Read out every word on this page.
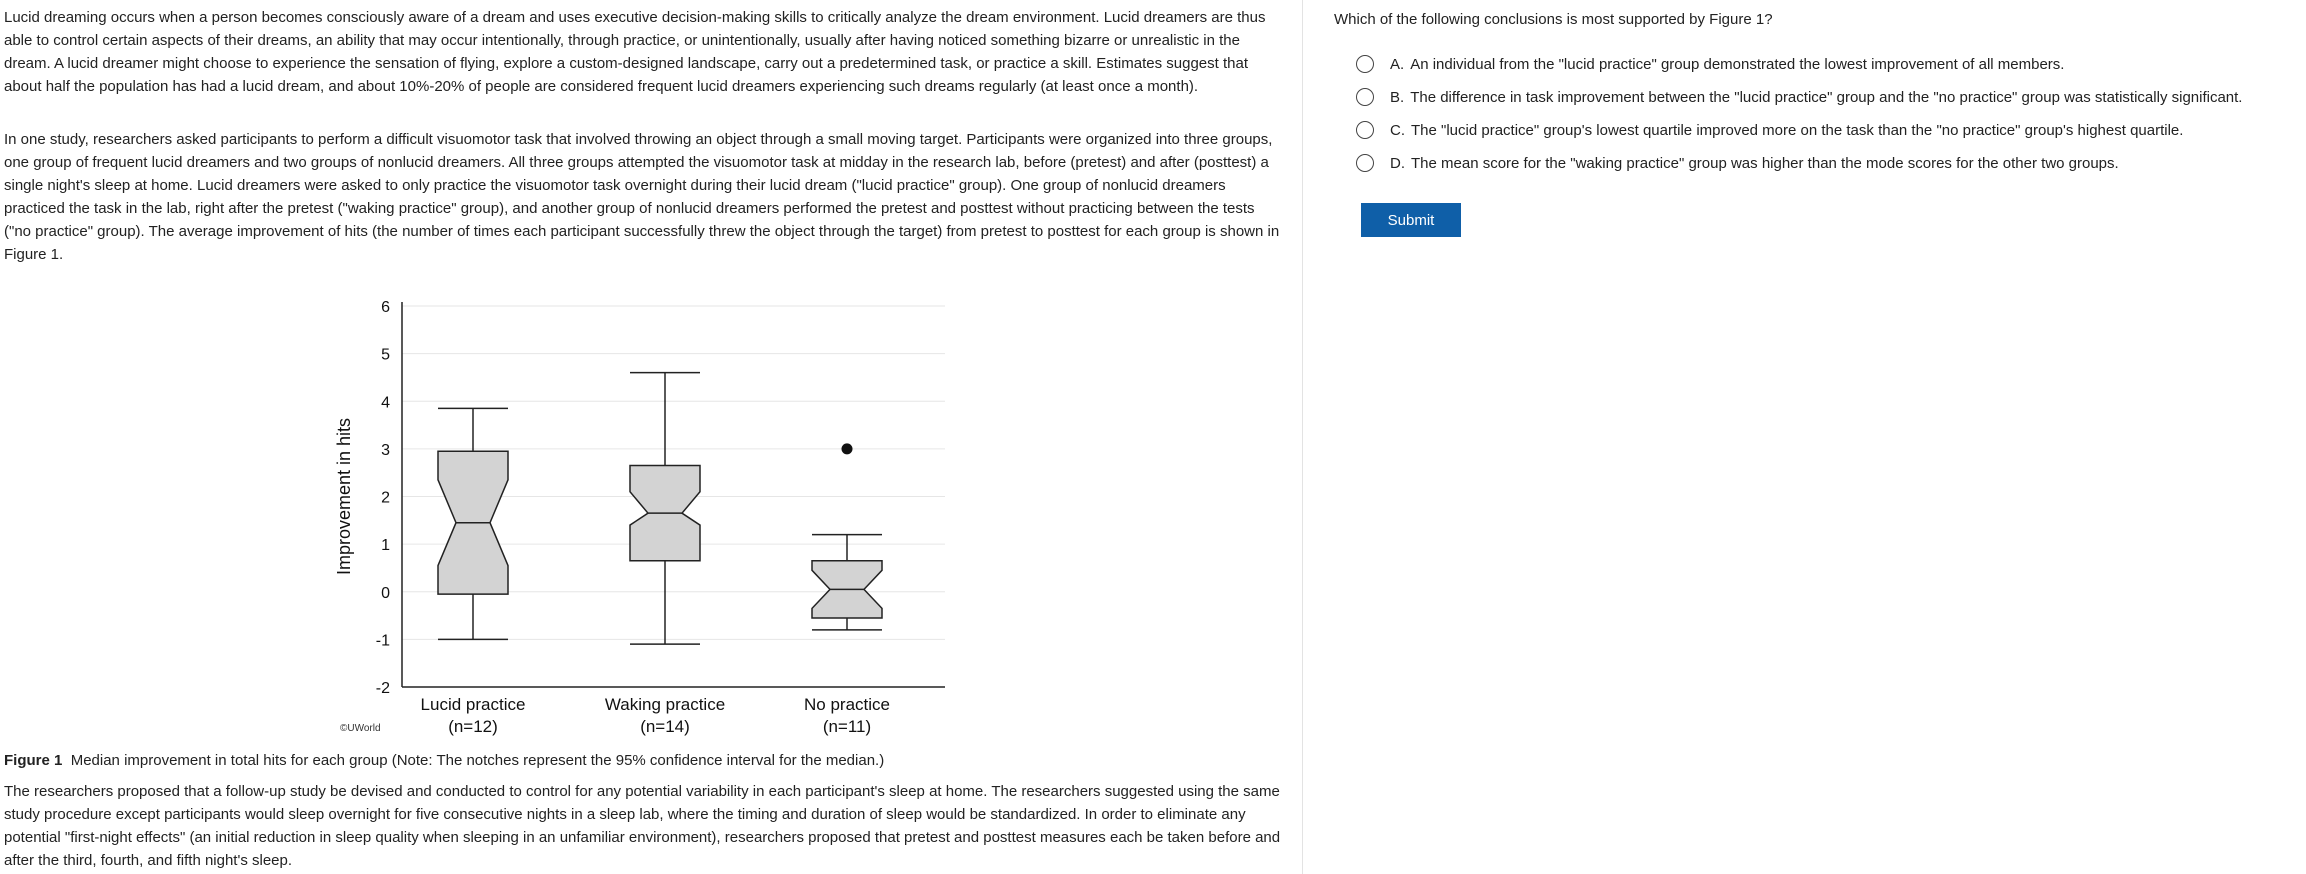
Lucid dreaming occurs when a person becomes consciously aware of a dream and uses executive decision-making skills to critically analyze the dream environment. Lucid dreamers are thus able to control certain aspects of their dreams, an ability that may occur intentionally, through practice, or unintentionally, usually after having noticed something bizarre or unrealistic in the dream. A lucid dreamer might choose to experience the sensation of flying, explore a custom-designed landscape, carry out a predetermined task, or practice a skill. Estimates suggest that about half the population has had a lucid dream, and about 10%-20% of people are considered frequent lucid dreamers experiencing such dreams regularly (at least once a month).

In one study, researchers asked participants to perform a difficult visuomotor task that involved throwing an object through a small moving target. Participants were organized into three groups, one group of frequent lucid dreamers and two groups of nonlucid dreamers. All three groups attempted the visuomotor task at midday in the research lab, before (pretest) and after (posttest) a single night's sleep at home. Lucid dreamers were asked to only practice the visuomotor task overnight during their lucid dream ("lucid practice" group). One group of nonlucid dreamers practiced the task in the lab, right after the pretest ("waking practice" group), and another group of nonlucid dreamers performed the pretest and posttest without practicing between the tests ("no practice" group). The average improvement of hits (the number of times each participant successfully threw the object through the target) from pretest to posttest for each group is shown in Figure 1.

6
5
4
3
2
1
0
-1
-2
Lucid practice
(n=12)
Waking practice
(n=14)
No practice
(n=11)
Improvement in hits
©UWorld
Figure 1 Median improvement in total hits for each group (Note: The notches represent the 95% confidence interval for the median.)

The researchers proposed that a follow-up study be devised and conducted to control for any potential variability in each participant's sleep at home. The researchers suggested using the same study procedure except participants would sleep overnight for five consecutive nights in a sleep lab, where the timing and duration of sleep would be standardized. In order to eliminate any potential "first-night effects" (an initial reduction in sleep quality when sleeping in an unfamiliar environment), researchers proposed that pretest and posttest measures each be taken before and after the third, fourth, and fifth night's sleep.

Which of the following conclusions is most supported by Figure 1?
A. An individual from the "lucid practice" group demonstrated the lowest improvement of all members.
B. The difference in task improvement between the "lucid practice" group and the "no practice" group was statistically significant.
C. The "lucid practice" group's lowest quartile improved more on the task than the "no practice" group's highest quartile.
D. The mean score for the "waking practice" group was higher than the mode scores for the other two groups.
Submit
